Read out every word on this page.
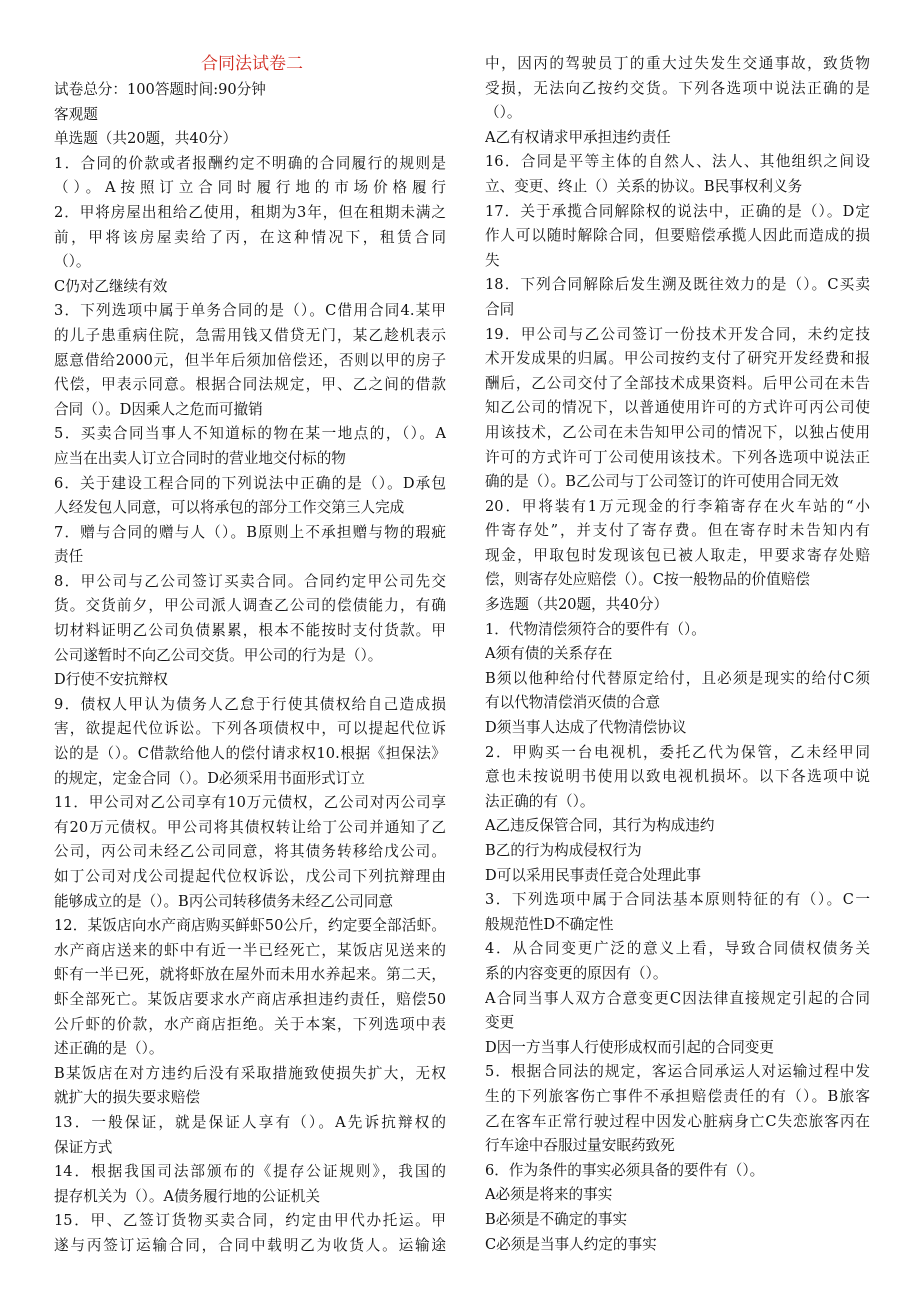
合同法试卷二
试卷总分：100答题时间:90分钟
客观题
单选题（共20题，共40分）
1．合同的价款或者报酬约定不明确的合同履行的规则是
（）。A按照订立合同时履行地的市场价格履行
2．甲将房屋出租给乙使用，租期为3年，但在租期未满之
前，甲将该房屋卖给了丙，在这种情况下，租赁合同
（）。
C仍对乙继续有效
3．下列选项中属于单务合同的是（）。C借用合同4.某甲
的儿子患重病住院，急需用钱又借贷无门，某乙趁机表示
愿意借给2000元，但半年后须加倍偿还，否则以甲的房子
代偿，甲表示同意。根据合同法规定，甲、乙之间的借款
合同（）。D因乘人之危而可撤销
5．买卖合同当事人不知道标的物在某一地点的，（）。A
应当在出卖人订立合同时的营业地交付标的物
6．关于建设工程合同的下列说法中正确的是（）。D承包
人经发包人同意，可以将承包的部分工作交第三人完成
7．赠与合同的赠与人（）。B原则上不承担赠与物的瑕疵
责任
8．甲公司与乙公司签订买卖合同。合同约定甲公司先交
货。交货前夕，甲公司派人调查乙公司的偿债能力，有确
切材料证明乙公司负债累累，根本不能按时支付货款。甲
公司遂暂时不向乙公司交货。甲公司的行为是（）。
D行使不安抗辩权
9．债权人甲认为债务人乙怠于行使其债权给自己造成损
害，欲提起代位诉讼。下列各项债权中，可以提起代位诉
讼的是（）。C借款给他人的偿付请求权10.根据《担保法》
的规定，定金合同（）。D必须采用书面形式订立
11．甲公司对乙公司享有10万元债权，乙公司对丙公司享
有20万元债权。甲公司将其债权转让给丁公司并通知了乙
公司，丙公司未经乙公司同意，将其债务转移给戊公司。
如丁公司对戊公司提起代位权诉讼，戊公司下列抗辩理由
能够成立的是（）。B丙公司转移债务未经乙公司同意
12．某饭店向水产商店购买鲜虾50公斤，约定要全部活虾。
水产商店送来的虾中有近一半已经死亡，某饭店见送来的
虾有一半已死，就将虾放在屋外而未用水养起来。第二天，
虾全部死亡。某饭店要求水产商店承担违约责任，赔偿50
公斤虾的价款，水产商店拒绝。关于本案，下列选项中表
述正确的是（）。
B某饭店在对方违约后没有采取措施致使损失扩大，无权
就扩大的损失要求赔偿
13．一般保证，就是保证人享有（）。A先诉抗辩权的
保证方式
14．根据我国司法部颁布的《提存公证规则》，我国的
提存机关为（）。A债务履行地的公证机关
15．甲、乙签订货物买卖合同，约定由甲代办托运。甲
遂与丙签订运输合同，合同中载明乙为收货人。运输途
中，因丙的驾驶员丁的重大过失发生交通事故，致货物
受损，无法向乙按约交货。下列各选项中说法正确的是
（）。
A乙有权请求甲承担违约责任
16．合同是平等主体的自然人、法人、其他组织之间设
立、变更、终止（）关系的协议。B民事权利义务
17．关于承揽合同解除权的说法中，正确的是（）。D定
作人可以随时解除合同，但要赔偿承揽人因此而造成的损
失
18．下列合同解除后发生溯及既往效力的是（）。C买卖
合同
19．甲公司与乙公司签订一份技术开发合同，未约定技
术开发成果的归属。甲公司按约支付了研究开发经费和报
酬后，乙公司交付了全部技术成果资料。后甲公司在未告
知乙公司的情况下，以普通使用许可的方式许可丙公司使
用该技术，乙公司在未告知甲公司的情况下，以独占使用
许可的方式许可丁公司使用该技术。下列各选项中说法正
确的是（）。B乙公司与丁公司签订的许可使用合同无效
20．甲将装有1万元现金的行李箱寄存在火车站的“小
件寄存处”，并支付了寄存费。但在寄存时未告知内有
现金，甲取包时发现该包已被人取走，甲要求寄存处赔
偿，则寄存处应赔偿（）。C按一般物品的价值赔偿
多选题（共20题，共40分）
1．代物清偿须符合的要件有（）。
A须有债的关系存在
B须以他种给付代替原定给付，且必须是现实的给付C须
有以代物清偿消灭债的合意
D须当事人达成了代物清偿协议
2．甲购买一台电视机，委托乙代为保管，乙未经甲同
意也未按说明书使用以致电视机损坏。以下各选项中说
法正确的有（）。
A乙违反保管合同，其行为构成违约
B乙的行为构成侵权行为
D可以采用民事责任竞合处理此事
3．下列选项中属于合同法基本原则特征的有（）。C一
般规范性D不确定性
4．从合同变更广泛的意义上看，导致合同债权债务关
系的内容变更的原因有（）。
A合同当事人双方合意变更C因法律直接规定引起的合同
变更
D因一方当事人行使形成权而引起的合同变更
5．根据合同法的规定，客运合同承运人对运输过程中发
生的下列旅客伤亡事件不承担赔偿责任的有（）。B旅客
乙在客车正常行驶过程中因发心脏病身亡C失恋旅客丙在
行车途中吞服过量安眠药致死
6．作为条件的事实必须具备的要件有（）。
A必须是将来的事实
B必须是不确定的事实
C必须是当事人约定的事实
